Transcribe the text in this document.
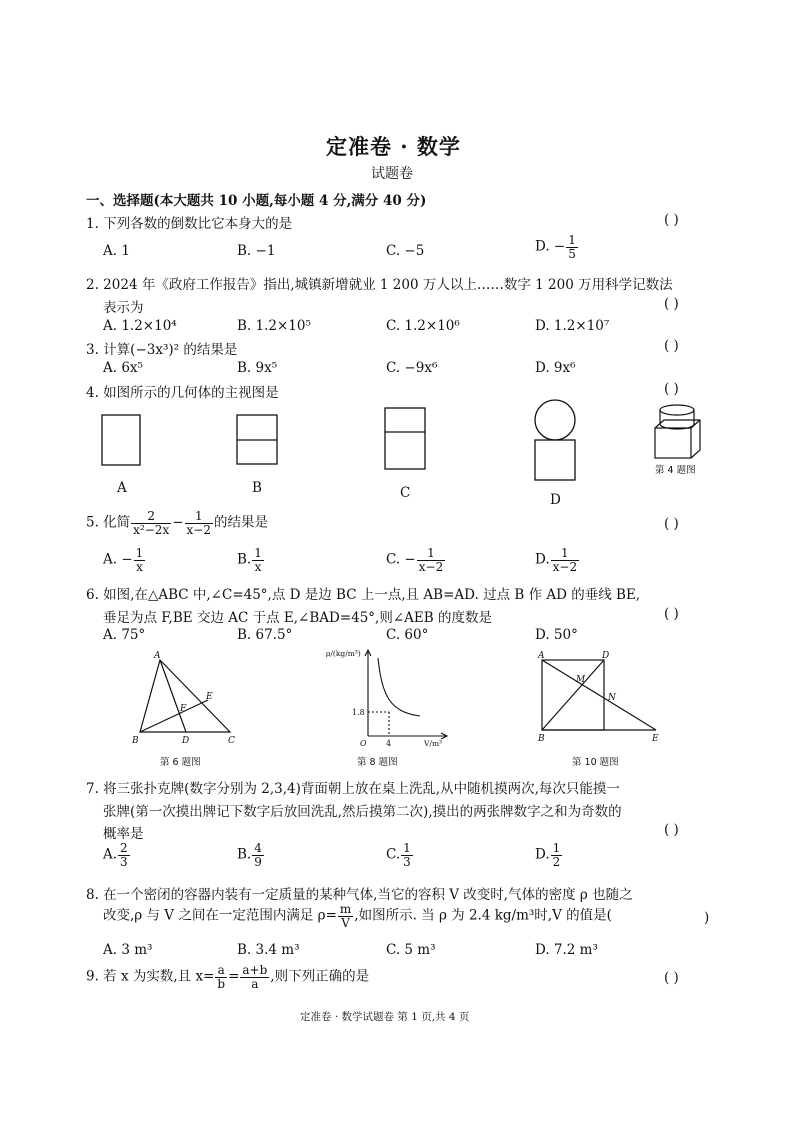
定准卷 · 数学
试题卷
一、选择题(本大题共 10 小题,每小题 4 分,满分 40 分)
1. 下列各数的倒数比它本身大的是	( )
A. 1	B. −1	C. −5	D. − $\frac{1}{5}$
2. 2024 年《政府工作报告》指出,城镇新增就业 1 200 万人以上……数字 1 200 万用科学记数法
表示为	( )
A. 1.2×10⁴	B. 1.2×10⁵	C. 1.2×10⁶	D. 1.2×10⁷
3. 计算(−3x³)² 的结果是	( )
A. 6x⁵	B. 9x⁵	C. −9x⁶	D. 9x⁶
4. 如图所示的几何体的主视图是	( )
第 4 题图
A	B	C	D
5. 化简 $\frac{2}{\text{x²−2x}} - \frac{1}{x-2}$ 的结果是	( )
A. − $\frac{1}{x}$	B. $\frac{1}{x}$	C. − $\frac{1}{x-2}$	D. $\frac{1}{x-2}$
6. 如图,在△ABC 中,∠C=45°,点 D 是边 BC 上一点,且 AB=AD. 过点 B 作 AD 的垂线 BE,
垂足为点 F,BE 交边 AC 于点 E,∠BAD=45°,则∠AEB 的度数是	( )
A. 75°	B. 67.5°	C. 60°	D. 50°
A
B	C
D
E
F
第 6 题图
ρ/(kg/m³)
V/m³
O
1.8
4
第 8 题图
A	D
B	E
M
N
第 10 题图
7. 将三张扑克牌(数字分别为 2,3,4)背面朝上放在桌上洗乱,从中随机摸两次,每次只能摸一
张牌(第一次摸出牌记下数字后放回洗乱,然后摸第二次),摸出的两张牌数字之和为奇数的
概率是	( )
A. $\frac{2}{3}$	B. $\frac{4}{9}$	C. $\frac{1}{3}$	D. $\frac{1}{2}$
8. 在一个密闭的容器内装有一定质量的某种气体,当它的容积 V 改变时,气体的密度 ρ 也随之
改变,ρ 与 V 之间在一定范围内满足 $\rho= \frac{m}{V}$ ,如图所示. 当 ρ 为 2.4 kg/m³时,V 的值是(	)
A. 3 m³	B. 3.4 m³	C. 5 m³	D. 7.2 m³
9. 若 x 为实数,且 $x= \frac{a}{b} = \frac{a+b}{a}$ ,则下列正确的是	( )
定准卷 · 数学试题卷 第 1 页,共 4 页
